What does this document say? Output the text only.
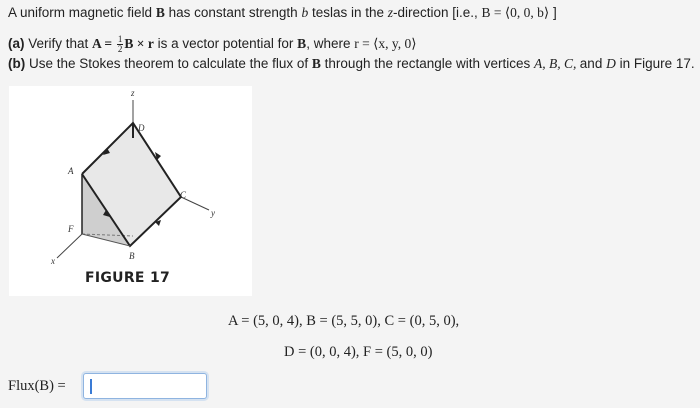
A uniform magnetic field B has constant strength b teslas in the z-direction [i.e., B = ⟨0, 0, b⟩ ]
(a) Verify that $A = \frac{1}{2}$ B × r is a vector potential for B, where r = ⟨x, y, 0⟩
(b) Use the Stokes theorem to calculate the flux of B through the rectangle with vertices A, B, C, and D in Figure 17.
z
y
x
A
D
C
F
B
FIGURE 17
A = (5, 0, 4), B = (5, 5, 0), C = (0, 5, 0),
D = (0, 0, 4), F = (5, 0, 0)
Flux(B) =
